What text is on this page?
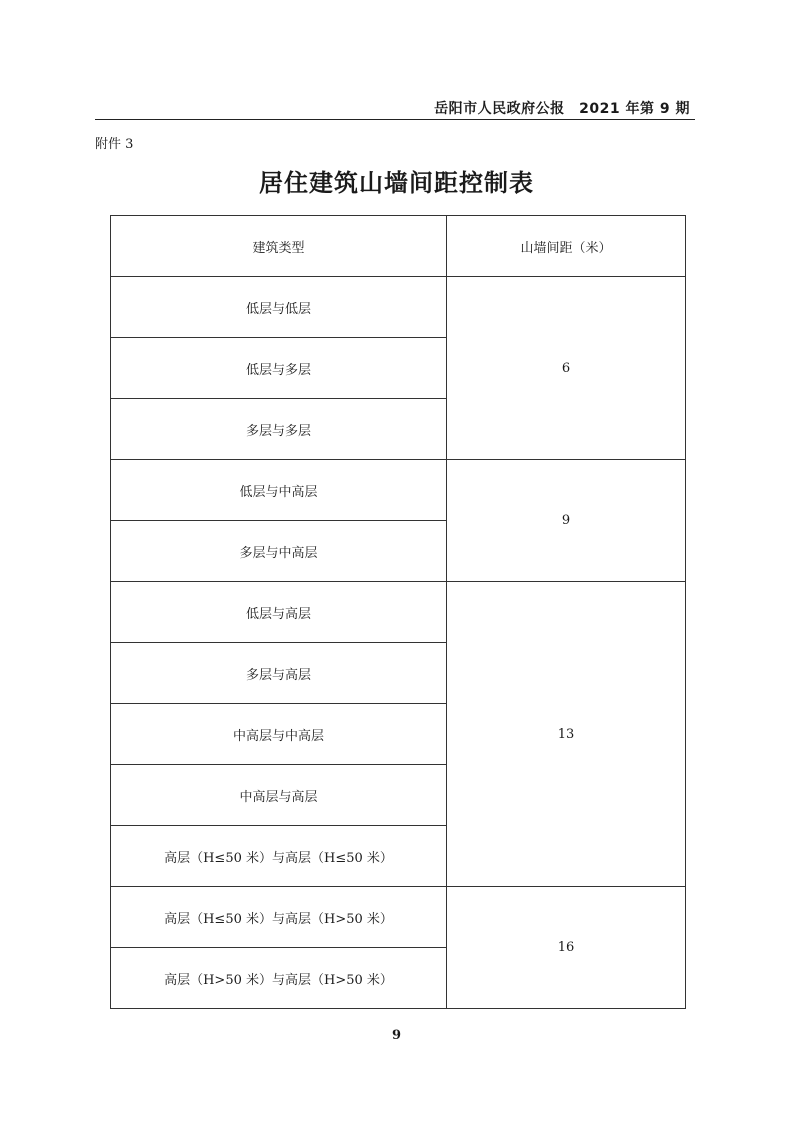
岳阳市人民政府公报　2021 年第 9 期
附件 3
居住建筑山墙间距控制表
建筑类型	山墙间距（米）
低层与低层	6
低层与多层	
多层与多层	
低层与中高层	9
多层与中高层	
低层与高层	13
多层与高层	
中高层与中高层	
中高层与高层	
高层（H≤50 米）与高层（H≤50 米）	
高层（H≤50 米）与高层（H>50 米）	16
高层（H>50 米）与高层（H>50 米）	
9
